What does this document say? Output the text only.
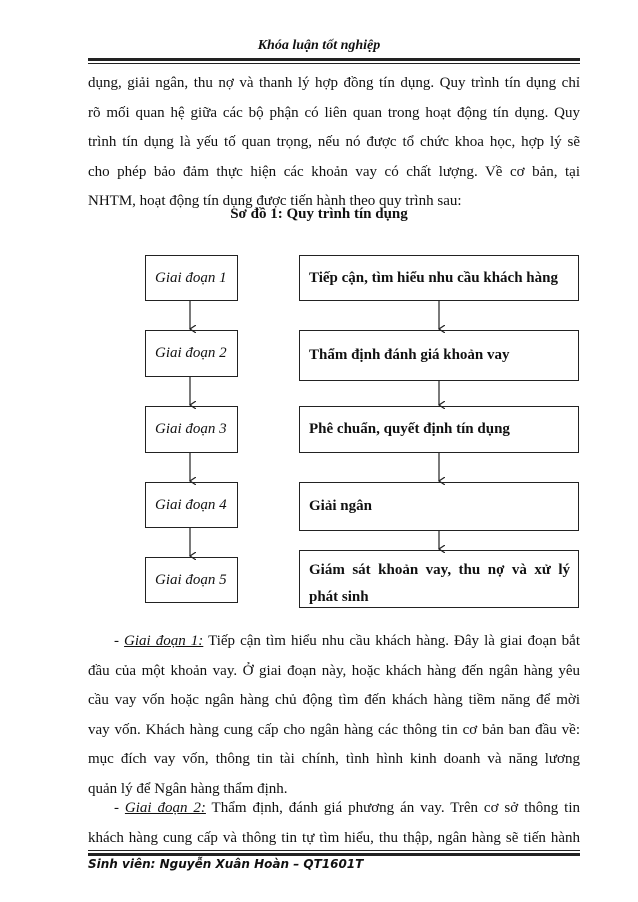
Khóa luận tốt nghiệp
dụng, giải ngân, thu nợ và thanh lý hợp đồng tín dụng. Quy trình tín dụng chỉ
rõ mối quan hệ giữa các bộ phận có liên quan trong hoạt động tín dụng. Quy
trình tín dụng là yếu tố quan trọng, nếu nó được tổ chức khoa học, hợp lý sẽ
cho phép bảo đảm thực hiện các khoản vay có chất lượng. Về cơ bản, tại
NHTM, hoạt động tín dụng được tiến hành theo quy trình sau:
Sơ đồ 1: Quy trình tín dụng
Giai đoạn 1
Giai đoạn 2
Giai đoạn 3
Giai đoạn 4
Giai đoạn 5
Tiếp cận, tìm hiểu nhu cầu khách hàng
Thẩm định đánh giá khoản vay
Phê chuẩn, quyết định tín dụng
Giải ngân
Giám sát khoản vay, thu nợ và xử lý phát sinh
- Giai đoạn 1: Tiếp cận tìm hiểu nhu cầu khách hàng. Đây là giai đoạn bắt
đầu của một khoản vay. Ở giai đoạn này, hoặc khách hàng đến ngân hàng yêu
cầu vay vốn hoặc ngân hàng chủ động tìm đến khách hàng tiềm năng để mời
vay vốn. Khách hàng cung cấp cho ngân hàng các thông tin cơ bản ban đầu về:
mục đích vay vốn, thông tin tài chính, tình hình kinh doanh và năng lương
quản lý để Ngân hàng thẩm định.
- Giai đoạn 2: Thẩm định, đánh giá phương án vay. Trên cơ sở thông tin
khách hàng cung cấp và thông tin tự tìm hiểu, thu thập, ngân hàng sẽ tiến hành
Sinh viên: Nguyễn Xuân Hoàn – QT1601T
